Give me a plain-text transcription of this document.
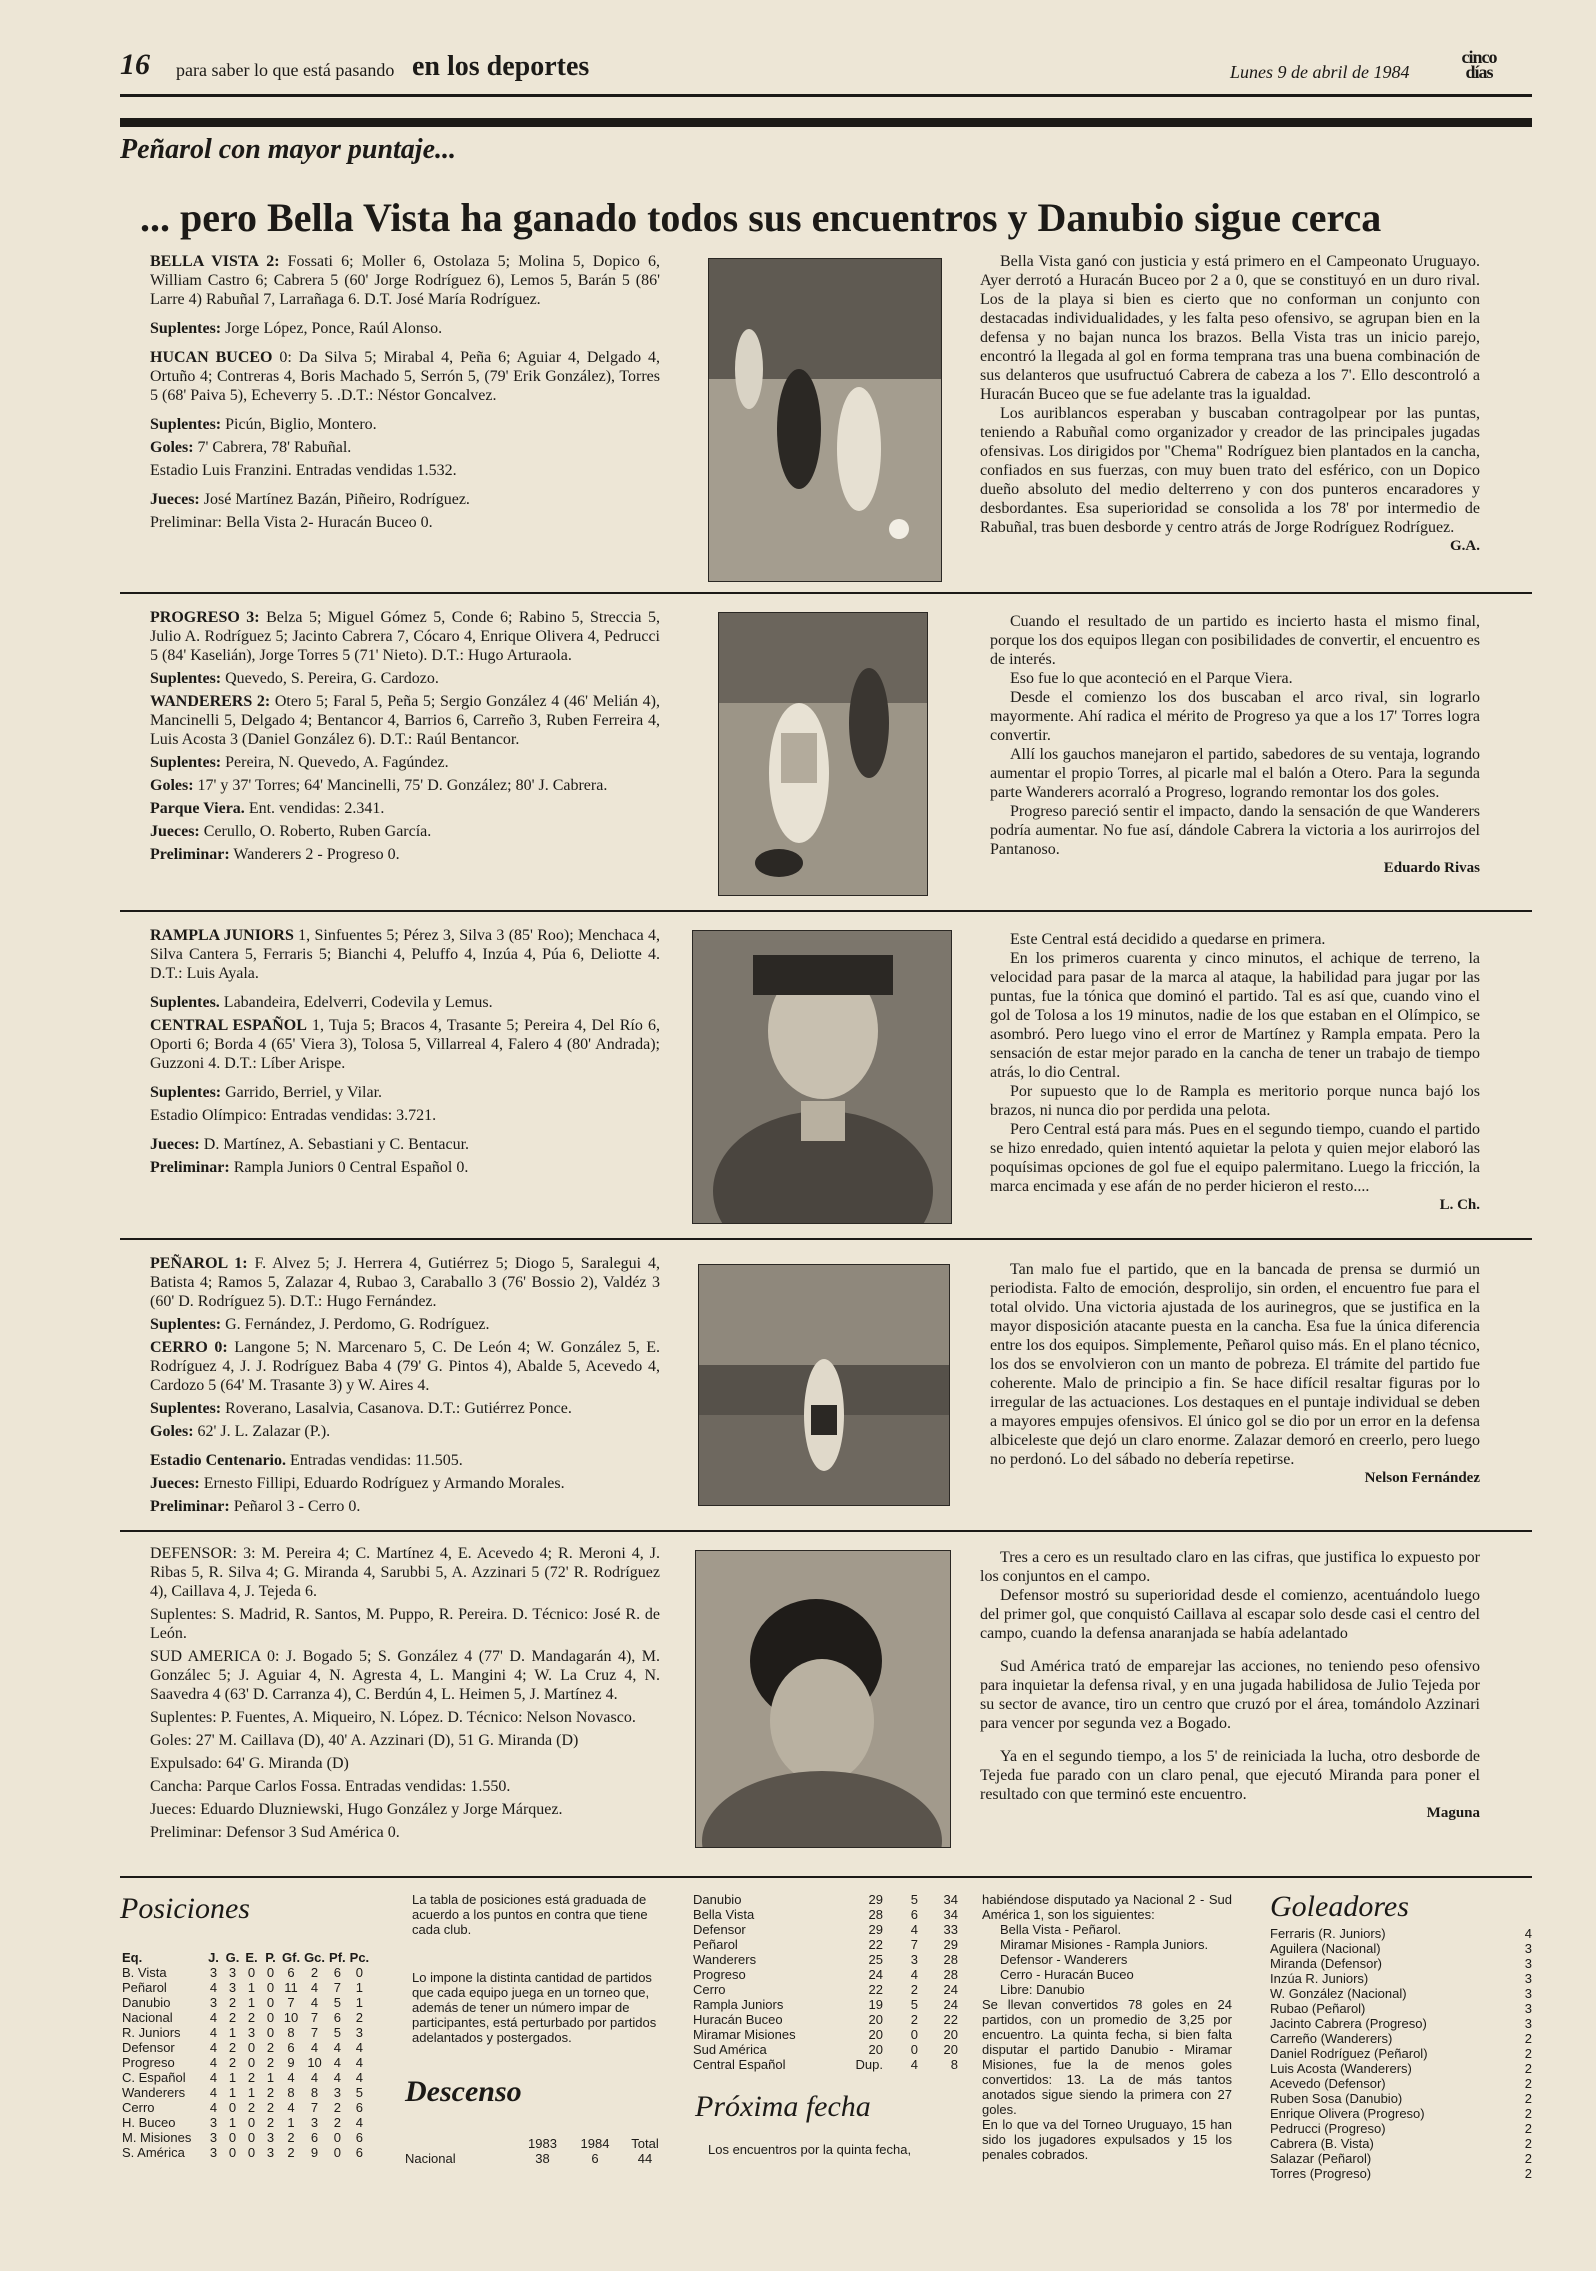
16 para saber lo que está pasando en los deportes	Lunes 9 de abril de 1984
cinco
días
Peñarol con mayor puntaje...
... pero Bella Vista ha ganado todos sus encuentros y Danubio sigue cerca

BELLA VISTA 2: Fossati 6; Moller 6, Ostolaza 5; Molina 5, Dopico 6, William Castro 6; Cabrera 5 (60' Jorge Rodríguez 6), Lemos 5, Barán 5 (86' Larre 4) Rabuñal 7, Larrañaga 6. D.T. José María Rodríguez.

Suplentes: Jorge López, Ponce, Raúl Alonso.

HUCAN BUCEO 0: Da Silva 5; Mirabal 4, Peña 6; Aguiar 4, Delgado 4, Ortuño 4; Contreras 4, Boris Machado 5, Serrón 5, (79' Erik González), Torres 5 (68' Paiva 5), Echeverry 5. .D.T.: Néstor Goncalvez.

Suplentes: Picún, Biglio, Montero.

Goles: 7' Cabrera, 78' Rabuñal.

Estadio Luis Franzini. Entradas vendidas 1.532.

Jueces: José Martínez Bazán, Piñeiro, Rodríguez.

Preliminar: Bella Vista 2- Huracán Buceo 0.

Bella Vista ganó con justicia y está primero en el Campeonato Uruguayo. Ayer derrotó a Huracán Buceo por 2 a 0, que se constituyó en un duro rival. Los de la playa si bien es cierto que no conforman un conjunto con destacadas individualidades, y les falta peso ofensivo, se agrupan bien en la defensa y no bajan nunca los brazos. Bella Vista tras un inicio parejo, encontró la llegada al gol en forma temprana tras una buena combinación de sus delanteros que usufructuó Cabrera de cabeza a los 7'. Ello descontroló a Huracán Buceo que se fue adelante tras la igualdad.

Los auriblancos esperaban y buscaban contragolpear por las puntas, teniendo a Rabuñal como organizador y creador de las principales jugadas ofensivas. Los dirigidos por "Chema" Rodríguez bien plantados en la cancha, confiados en sus fuerzas, con muy buen trato del esférico, con un Dopico dueño absoluto del medio delterreno y con dos punteros encaradores y desbordantes. Esa superioridad se consolida a los 78' por intermedio de Rabuñal, tras buen desborde y centro atrás de Jorge Rodríguez Rodríguez.

G.A.

PROGRESO 3: Belza 5; Miguel Gómez 5, Conde 6; Rabino 5, Streccia 5, Julio A. Rodríguez 5; Jacinto Cabrera 7, Cócaro 4, Enrique Olivera 4, Pedrucci 5 (84' Kaselián), Jorge Torres 5 (71' Nieto). D.T.: Hugo Arturaola.

Suplentes: Quevedo, S. Pereira, G. Cardozo.

WANDERERS 2: Otero 5; Faral 5, Peña 5; Sergio González 4 (46' Melián 4), Mancinelli 5, Delgado 4; Bentancor 4, Barrios 6, Carreño 3, Ruben Ferreira 4, Luis Acosta 3 (Daniel González 6). D.T.: Raúl Bentancor.

Suplentes: Pereira, N. Quevedo, A. Fagúndez.

Goles: 17' y 37' Torres; 64' Mancinelli, 75' D. González; 80' J. Cabrera.

Parque Viera. Ent. vendidas: 2.341.

Jueces: Cerullo, O. Roberto, Ruben García.

Preliminar: Wanderers 2 - Progreso 0.

Cuando el resultado de un partido es incierto hasta el mismo final, porque los dos equipos llegan con posibilidades de convertir, el encuentro es de interés.

Eso fue lo que aconteció en el Parque Viera.

Desde el comienzo los dos buscaban el arco rival, sin lograrlo mayormente. Ahí radica el mérito de Progreso ya que a los 17' Torres logra convertir.

Allí los gauchos manejaron el partido, sabedores de su ventaja, logrando aumentar el propio Torres, al picarle mal el balón a Otero. Para la segunda parte Wanderers acorraló a Progreso, logrando remontar los dos goles.

Progreso pareció sentir el impacto, dando la sensación de que Wanderers podría aumentar. No fue así, dándole Cabrera la victoria a los aurirrojos del Pantanoso.

Eduardo Rivas

RAMPLA JUNIORS 1, Sinfuentes 5; Pérez 3, Silva 3 (85' Roo); Menchaca 4, Silva Cantera 5, Ferraris 5; Bianchi 4, Peluffo 4, Inzúa 4, Púa 6, Deliotte 4. D.T.: Luis Ayala.

Suplentes. Labandeira, Edelverri, Codevila y Lemus.

CENTRAL ESPAÑOL 1, Tuja 5; Bracos 4, Trasante 5; Pereira 4, Del Río 6, Oporti 6; Borda 4 (65' Viera 3), Tolosa 5, Villarreal 4, Falero 4 (80' Andrada); Guzzoni 4. D.T.: Líber Arispe.

Suplentes: Garrido, Berriel, y Vilar.

Estadio Olímpico: Entradas vendidas: 3.721.

Jueces: D. Martínez, A. Sebastiani y C. Bentacur.

Preliminar: Rampla Juniors 0 Central Español 0.

Este Central está decidido a quedarse en primera.

En los primeros cuarenta y cinco minutos, el achique de terreno, la velocidad para pasar de la marca al ataque, la habilidad para jugar por las puntas, fue la tónica que dominó el partido. Tal es así que, cuando vino el gol de Tolosa a los 19 minutos, nadie de los que estaban en el Olímpico, se asombró. Pero luego vino el error de Martínez y Rampla empata. Pero la sensación de estar mejor parado en la cancha de tener un trabajo de tiempo atrás, lo dio Central.

Por supuesto que lo de Rampla es meritorio porque nunca bajó los brazos, ni nunca dio por perdida una pelota.

Pero Central está para más. Pues en el segundo tiempo, cuando el partido se hizo enredado, quien intentó aquietar la pelota y quien mejor elaboró las poquísimas opciones de gol fue el equipo palermitano. Luego la fricción, la marca encimada y ese afán de no perder hicieron el resto....

L. Ch.

PEÑAROL 1: F. Alvez 5; J. Herrera 4, Gutiérrez 5; Diogo 5, Saralegui 4, Batista 4; Ramos 5, Zalazar 4, Rubao 3, Caraballo 3 (76' Bossio 2), Valdéz 3 (60' D. Rodríguez 5). D.T.: Hugo Fernández.

Suplentes: G. Fernández, J. Perdomo, G. Rodríguez.

CERRO 0: Langone 5; N. Marcenaro 5, C. De León 4; W. González 5, E. Rodríguez 4, J. J. Rodríguez Baba 4 (79' G. Pintos 4), Abalde 5, Acevedo 4, Cardozo 5 (64' M. Trasante 3) y W. Aires 4.

Suplentes: Roverano, Lasalvia, Casanova. D.T.: Gutiérrez Ponce.

Goles: 62' J. L. Zalazar (P.).

Estadio Centenario. Entradas vendidas: 11.505.

Jueces: Ernesto Fillipi, Eduardo Rodríguez y Armando Morales.

Preliminar: Peñarol 3 - Cerro 0.

Tan malo fue el partido, que en la bancada de prensa se durmió un periodista. Falto de emoción, desprolijo, sin orden, el encuentro fue para el total olvido. Una victoria ajustada de los aurinegros, que se justifica en la mayor disposición atacante puesta en la cancha. Esa fue la única diferencia entre los dos equipos. Simplemente, Peñarol quiso más. En el plano técnico, los dos se envolvieron con un manto de pobreza. El trámite del partido fue coherente. Malo de principio a fin. Se hace difícil resaltar figuras por lo irregular de las actuaciones. Los destaques en el puntaje individual se deben a mayores empujes ofensivos. El único gol se dio por un error en la defensa albiceleste que dejó un claro enorme. Zalazar demoró en creerlo, pero luego no perdonó. Lo del sábado no debería repetirse.

Nelson Fernández

DEFENSOR: 3: M. Pereira 4; C. Martínez 4, E. Acevedo 4; R. Meroni 4, J. Ribas 5, R. Silva 4; G. Miranda 4, Sarubbi 5, A. Azzinari 5 (72' R. Rodríguez 4), Caillava 4, J. Tejeda 6.

Suplentes: S. Madrid, R. Santos, M. Puppo, R. Pereira. D. Técnico: José R. de León.

SUD AMERICA 0: J. Bogado 5; S. González 4 (77' D. Mandagarán 4), M. Gonzálec 5; J. Aguiar 4, N. Agresta 4, L. Mangini 4; W. La Cruz 4, N. Saavedra 4 (63' D. Carranza 4), C. Berdún 4, L. Heimen 5, J. Martínez 4.

Suplentes: P. Fuentes, A. Miqueiro, N. López. D. Técnico: Nelson Novasco.

Goles: 27' M. Caillava (D), 40' A. Azzinari (D), 51 G. Miranda (D)

Expulsado: 64' G. Miranda (D)

Cancha: Parque Carlos Fossa. Entradas vendidas: 1.550.

Jueces: Eduardo Dluzniewski, Hugo González y Jorge Márquez.

Preliminar: Defensor 3 Sud América 0.

Tres a cero es un resultado claro en las cifras, que justifica lo expuesto por los conjuntos en el campo.

Defensor mostró su superioridad desde el comienzo, acentuándolo luego del primer gol, que conquistó Caillava al escapar solo desde casi el centro del campo, cuando la defensa anaranjada se había adelantado

Sud América trató de emparejar las acciones, no teniendo peso ofensivo para inquietar la defensa rival, y en una jugada habilidosa de Julio Tejeda por su sector de avance, tiro un centro que cruzó por el área, tomándolo Azzinari para vencer por segunda vez a Bogado.

Ya en el segundo tiempo, a los 5' de reiniciada la lucha, otro desborde de Tejeda fue parado con un claro penal, que ejecutó Miranda para poner el resultado con que terminó este encuentro.

Maguna

Posiciones	La tabla de posiciones está graduada de acuerdo a los puntos en contra que tiene cada club.
Lo impone la distinta cantidad de partidos que cada equipo juega en un torneo que, además de tener un número impar de participantes, está perturbado por partidos adelantados y postergados.
Eq.	J.	G.	E.	P.	Gf.	Gc.	Pf.	Pc.
B. Vista	3	3	0	0	6	2	6	0
Peñarol	4	3	1	0	11	4	7	1
Danubio	3	2	1	0	7	4	5	1
Nacional	4	2	2	0	10	7	6	2
R. Juniors	4	1	3	0	8	7	5	3
Defensor	4	2	0	2	6	4	4	4
Progreso	4	2	0	2	9	10	4	4
C. Español	4	1	2	1	4	4	4	4
Wanderers	4	1	1	2	8	8	3	5
Cerro	4	0	2	2	4	7	2	6
H. Buceo	3	1	0	2	1	3	2	4
M. Misiones	3	0	0	3	2	6	0	6
S. América	3	0	0	3	2	9	0	6
Descenso
1983	1984	Total
Nacional	38	6	44
Danubio	29	5	34
Bella Vista	28	6	34
Defensor	29	4	33
Peñarol	22	7	29
Wanderers	25	3	28
Progreso	24	4	28
Cerro	22	2	24
Rampla Juniors	19	5	24
Huracán Buceo	20	2	22
Miramar Misiones	20	0	20
Sud América	20	0	20
Central Español	Dup.	4	8
Próxima fecha
Los encuentros por la quinta fecha,
habiéndose disputado ya Nacional 2 - Sud América 1, son los siguientes:
Bella Vista - Peñarol.
Miramar Misiones - Rampla Juniors.
Defensor - Wanderers
Cerro - Huracán Buceo
Libre: Danubio
Se llevan convertidos 78 goles en 24 partidos, con un promedio de 3,25 por encuentro. La quinta fecha, si bien falta disputar el partido Danubio - Miramar Misiones, fue la de menos goles convertidos: 13. La de más tantos anotados sigue siendo la primera con 27 goles.
En lo que va del Torneo Uruguayo, 15 han sido los jugadores expulsados y 15 los penales cobrados.
Goleadores
Ferraris (R. Juniors)	4
Aguilera (Nacional)	3
Miranda (Defensor)	3
Inzúa R. Juniors)	3
W. González (Nacional)	3
Rubao (Peñarol)	3
Jacinto Cabrera (Progreso)	3
Carreño (Wanderers)	2
Daniel Rodríguez (Peñarol)	2
Luis Acosta (Wanderers)	2
Acevedo (Defensor)	2
Ruben Sosa (Danubio)	2
Enrique Olivera (Progreso)	2
Pedrucci (Progreso)	2
Cabrera (B. Vista)	2
Salazar (Peñarol)	2
Torres (Progreso)	2
